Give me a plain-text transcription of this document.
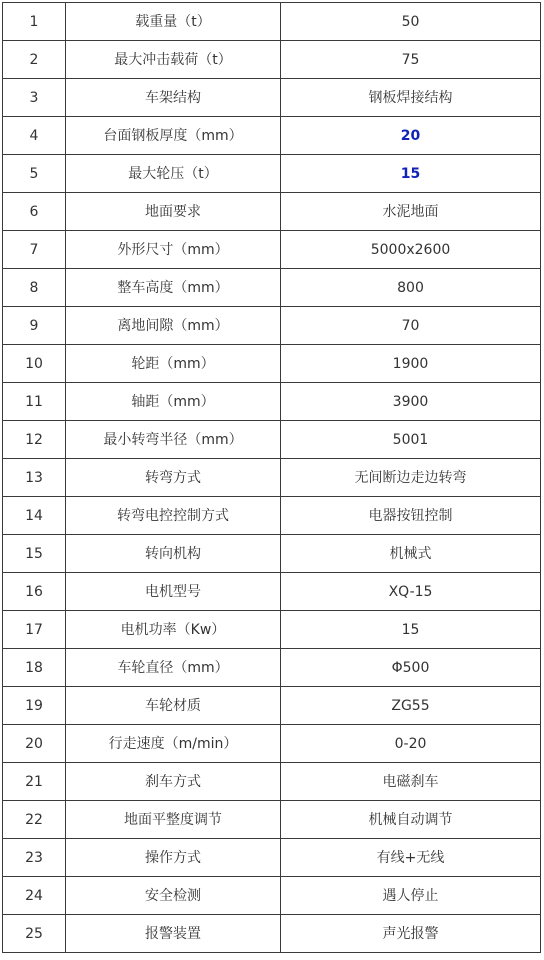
1	载重量（t）	50
2	最大冲击载荷（t）	75
3	车架结构	钢板焊接结构
4	台面钢板厚度（mm）	20
5	最大轮压（t）	15
6	地面要求	水泥地面
7	外形尺寸（mm）	5000x2600
8	整车高度（mm）	800
9	离地间隙（mm）	70
10	轮距（mm）	1900
11	轴距（mm）	3900
12	最小转弯半径（mm）	5001
13	转弯方式	无间断边走边转弯
14	转弯电控控制方式	电器按钮控制
15	转向机构	机械式
16	电机型号	XQ-15
17	电机功率（Kw）	15
18	车轮直径（mm）	Φ500
19	车轮材质	ZG55
20	行走速度（m/min）	0-20
21	刹车方式	电磁刹车
22	地面平整度调节	机械自动调节
23	操作方式	有线+无线
24	安全检测	遇人停止
25	报警装置	声光报警
